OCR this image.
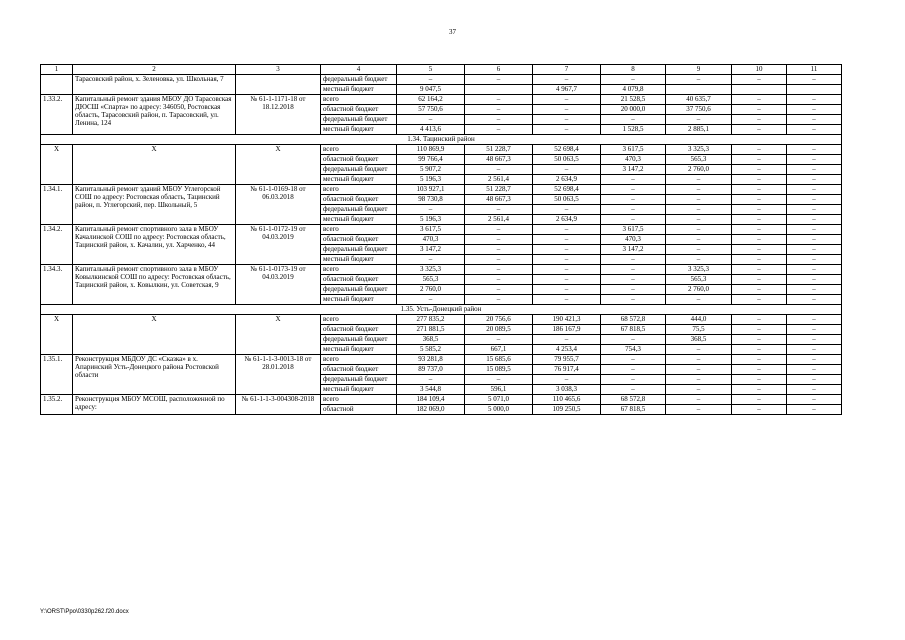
37
1	2	3	4	5	6	7	8	9	10	11
	Тарасовский район, х. Зеленовка, ул. Школьная, 7		федеральный бюджет	–	–	–	–	–	–	–
			местный бюджет	9 047,5		4 967,7	4 079,8			
1.33.2.	Капитальный ремонт здания МБОУ ДО Тарасовская ДЮСШ «Спарта» по адресу: 346050, Ростовская область, Тарасовский район, п. Тарасовский, ул. Ленина, 124	№ 61-1-1171-18 от 18.12.2018	всего	62 164,2	–	–	21 528,5	40 635,7	–	–
			областной бюджет	57 750,6	–	–	20 000,0	37 750,6	–	–
			федеральный бюджет	–	–	–	–	–	–	–
			местный бюджет	4 413,6	–	–	1 528,5	2 885,1	–	–
1.34. Тацинский район										
Х	Х	Х	всего	110 869,9	51 228,7	52 698,4	3 617,5	3 325,3	–	–
			областной бюджет	99 766,4	48 667,3	50 063,5	470,3	565,3	–	–
			федеральный бюджет	5 907,2	–	–	3 147,2	2 760,0	–	–
			местный бюджет	5 196,3	2 561,4	2 634,9	–	–	–	–
1.34.1.	Капитальный ремонт зданий МБОУ Углегорской СОШ по адресу: Ростовская область, Тацинский район, п. Углегорский, пер. Школьный, 5	№ 61-1-0169-18 от 06.03.2018	всего	103 927,1	51 228,7	52 698,4	–	–	–	–
			областной бюджет	98 730,8	48 667,3	50 063,5	–	–	–	–
			федеральный бюджет	–	–	–	–	–	–	–
			местный бюджет	5 196,3	2 561,4	2 634,9	–	–	–	–
1.34.2.	Капитальный ремонт спортивного зала в МБОУ Качалинской СОШ по адресу: Ростовская область, Тацинский район, х. Качалин, ул. Харченко, 44	№ 61-1-0172-19 от 04.03.2019	всего	3 617,5	–	–	3 617,5	–	–	–
			областной бюджет	470,3	–	–	470,3	–	–	–
			федеральный бюджет	3 147,2	–	–	3 147,2	–	–	–
			местный бюджет	–	–	–	–	–	–	–
1.34.3.	Капитальный ремонт спортивного зала в МБОУ Ковылкинской СОШ по адресу: Ростовская область, Тацинский район, х. Ковылкин, ул. Советская, 9	№ 61-1-0173-19 от 04.03.2019	всего	3 325,3	–	–	–	3 325,3	–	–
			областной бюджет	565,3	–	–	–	565,3	–	–
			федеральный бюджет	2 760,0	–	–	–	2 760,0	–	–
			местный бюджет	–	–	–	–	–	–	–
1.35. Усть-Донецкий район										
Х	Х	Х	всего	277 835,2	20 756,6	190 421,3	68 572,8	444,0	–	–
			областной бюджет	271 881,5	20 089,5	186 167,9	67 818,5	75,5	–	–
			федеральный бюджет	368,5	–	–	–	368,5	–	–
			местный бюджет	5 585,2	667,1	4 253,4	754,3	–	–	–
1.35.1.	Реконструкция МБДОУ ДС «Сказка» в х. Апаринский Усть-Донецкого района Ростовской области	№ 61-1-1-3-0013-18 от 28.01.2018	всего	93 281,8	15 685,6	79 955,7	–	–	–	–
			областной бюджет	89 737,0	15 089,5	76 917,4	–	–	–	–
			федеральный бюджет	–	–	–	–	–	–	–
			местный бюджет	3 544,8	596,1	3 038,3	–	–	–	–
1.35.2.	Реконструкция МБОУ МСОШ, расположенной по адресу:	№ 61-1-1-3-004308-2018	всего	184 109,4	5 071,0	110 465,6	68 572,8	–	–	–
			областной	182 069,0	5 000,0	109 250,5	67 818,5	–	–	–
Y:\ORST\Ppo\0330p262.f20.docx
